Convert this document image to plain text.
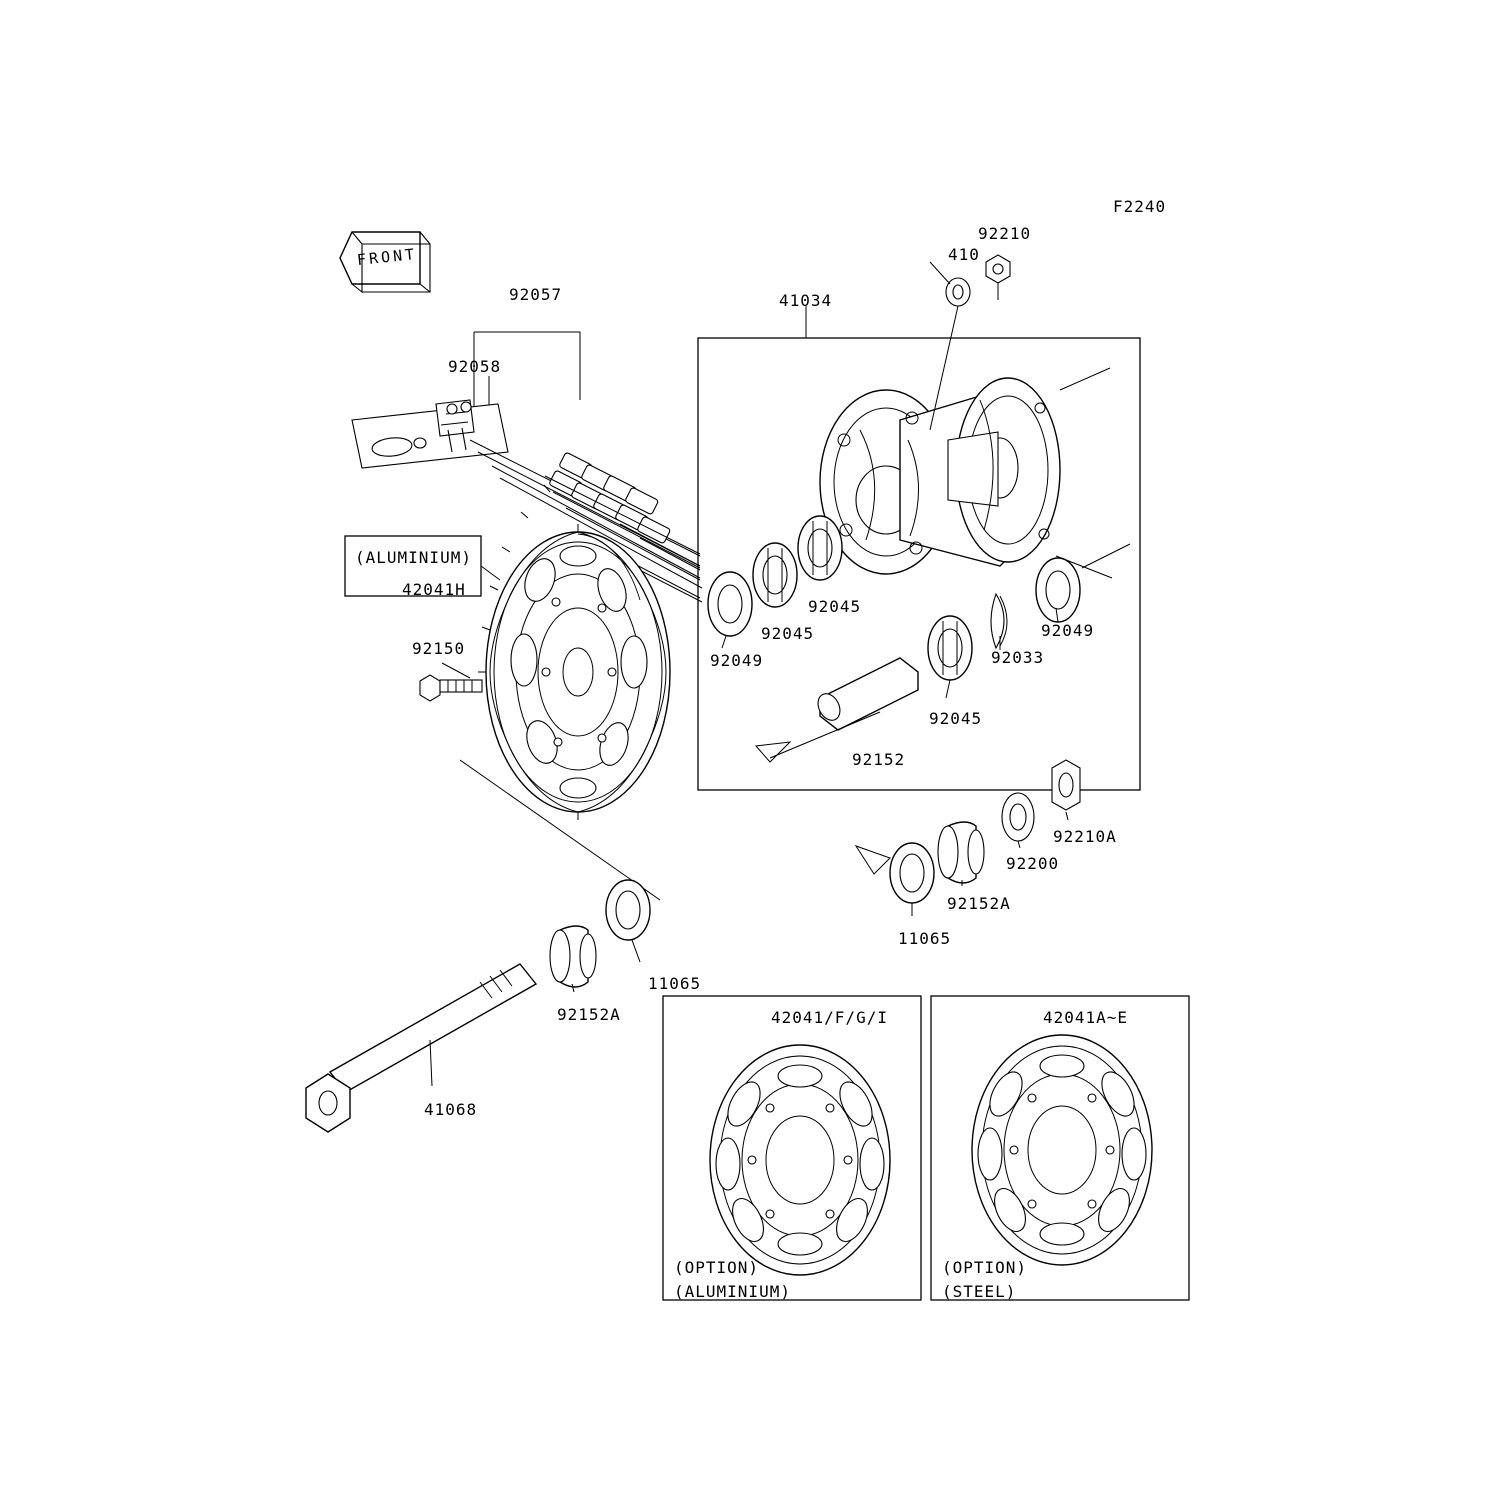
F2240
FRONT
92210
410
41034
92057
92058
(ALUMINIUM)
42041H
92150
92049
92045
92045
92033
92049
92045
92152
92210A
92200
92152A
11065
11065
92152A
41068
42041/F/G/I
(OPTION)
(ALUMINIUM)
42041A~E
(OPTION)
(STEEL)
